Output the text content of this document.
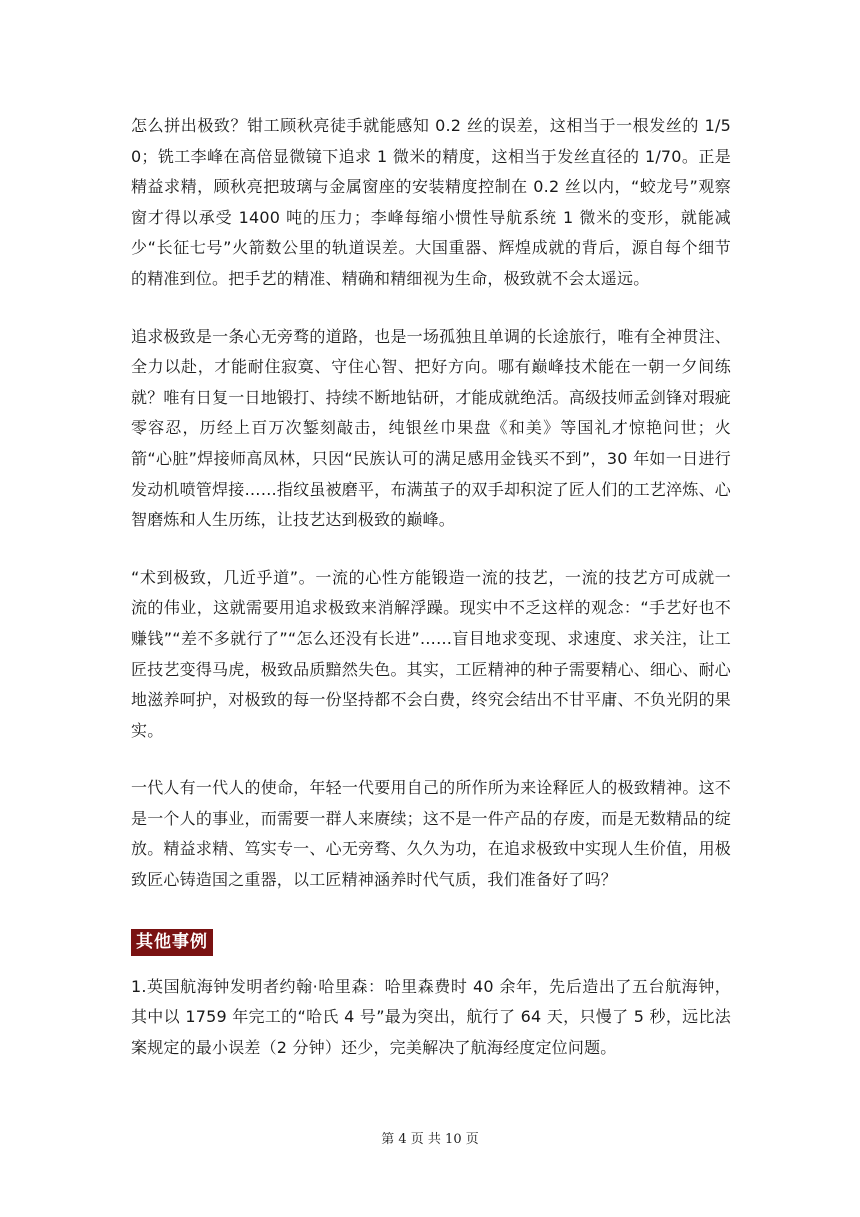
怎么拼出极致？钳工顾秋亮徒手就能感知 0.2 丝的误差，这相当于一根发丝的 1/50；铣工李峰在高倍显微镜下追求 1 微米的精度，这相当于发丝直径的 1/70。正是精益求精，顾秋亮把玻璃与金属窗座的安装精度控制在 0.2 丝以内，“蛟龙号”观察窗才得以承受 1400 吨的压力；李峰每缩小惯性导航系统 1 微米的变形，就能减少“长征七号”火箭数公里的轨道误差。大国重器、辉煌成就的背后，源自每个细节的精准到位。把手艺的精准、精确和精细视为生命，极致就不会太遥远。

追求极致是一条心无旁骛的道路，也是一场孤独且单调的长途旅行，唯有全神贯注、全力以赴，才能耐住寂寞、守住心智、把好方向。哪有巅峰技术能在一朝一夕间练就？唯有日复一日地锻打、持续不断地钻研，才能成就绝活。高级技师孟剑锋对瑕疵零容忍，历经上百万次錾刻敲击，纯银丝巾果盘《和美》等国礼才惊艳问世；火箭“心脏”焊接师高凤林，只因“民族认可的满足感用金钱买不到”，30 年如一日进行发动机喷管焊接……指纹虽被磨平，布满茧子的双手却积淀了匠人们的工艺淬炼、心智磨炼和人生历练，让技艺达到极致的巅峰。

“术到极致，几近乎道”。一流的心性方能锻造一流的技艺，一流的技艺方可成就一流的伟业，这就需要用追求极致来消解浮躁。现实中不乏这样的观念：“手艺好也不赚钱”“差不多就行了”“怎么还没有长进”……盲目地求变现、求速度、求关注，让工匠技艺变得马虎，极致品质黯然失色。其实，工匠精神的种子需要精心、细心、耐心地滋养呵护，对极致的每一份坚持都不会白费，终究会结出不甘平庸、不负光阴的果实。

一代人有一代人的使命，年轻一代要用自己的所作所为来诠释匠人的极致精神。这不是一个人的事业，而需要一群人来赓续；这不是一件产品的存废，而是无数精品的绽放。精益求精、笃实专一、心无旁骛、久久为功，在追求极致中实现人生价值，用极致匠心铸造国之重器，以工匠精神涵养时代气质，我们准备好了吗？

其他事例

1.英国航海钟发明者约翰·哈里森：哈里森费时 40 余年，先后造出了五台航海钟，其中以 1759 年完工的“哈氏 4 号”最为突出，航行了 64 天，只慢了 5 秒，远比法案规定的最小误差（2 分钟）还少，完美解决了航海经度定位问题。

第 4 页 共 10 页
